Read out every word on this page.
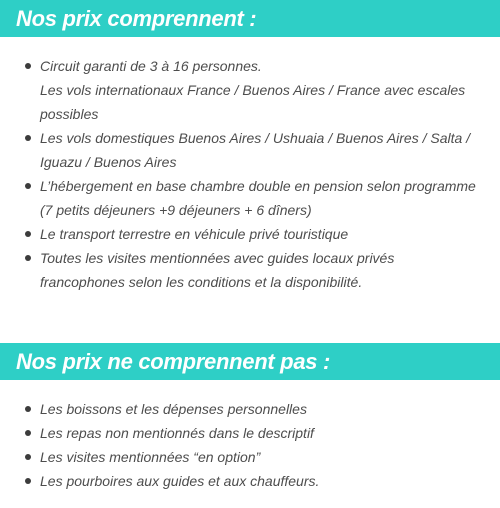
Nos prix comprennent :
Circuit garanti de 3 à 16 personnes.
Les vols internationaux France / Buenos Aires / France avec escales possibles
Les vols domestiques Buenos Aires / Ushuaia / Buenos Aires / Salta / Iguazu / Buenos Aires
L’hébergement en base chambre double en pension selon programme (7 petits déjeuners +9 déjeuners + 6 dîners)
Le transport terrestre en véhicule privé touristique
Toutes les visites mentionnées avec guides locaux privés francophones selon les conditions et la disponibilité.
Nos prix ne comprennent pas :
Les boissons et les dépenses personnelles
Les repas non mentionnés dans le descriptif
Les visites mentionnées “en option”
Les pourboires aux guides et aux chauffeurs.
